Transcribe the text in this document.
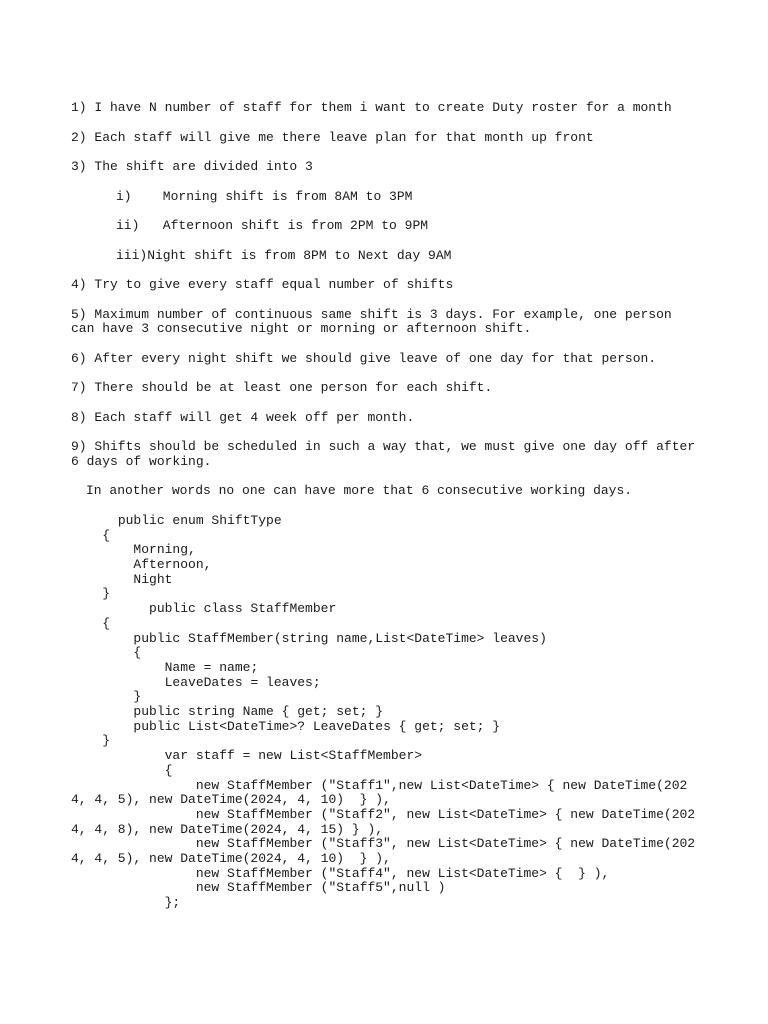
1) I have N number of staff for them i want to create Duty roster for a month

2) Each staff will give me there leave plan for that month up front

3) The shift are divided into 3

i)    Morning shift is from 8AM to 3PM

ii)   Afternoon shift is from 2PM to 9PM

iii)Night shift is from 8PM to Next day 9AM

4) Try to give every staff equal number of shifts

5) Maximum number of continuous same shift is 3 days. For example, one person can have 3 consecutive night or morning or afternoon shift.

6) After every night shift we should give leave of one day for that person.

7) There should be at least one person for each shift.

8) Each staff will get 4 week off per month.

9) Shifts should be scheduled in such a way that, we must give one day off after 6 days of working.

In another words no one can have more that 6 consecutive working days.

public enum ShiftType
{
Morning,
Afternoon,
Night
}
public class StaffMember
{
public StaffMember(string name,List<DateTime> leaves)
{
Name = name;
LeaveDates = leaves;
}
public string Name { get; set; }
public List<DateTime>? LeaveDates { get; set; }
}
var staff = new List<StaffMember>
{
new StaffMember ("Staff1",new List<DateTime> { new DateTime(2024, 4, 5), new DateTime(2024, 4, 10)  } ),
new StaffMember ("Staff2", new List<DateTime> { new DateTime(2024, 4, 8), new DateTime(2024, 4, 15) } ),
new StaffMember ("Staff3", new List<DateTime> { new DateTime(2024, 4, 5), new DateTime(2024, 4, 10)  } ),
new StaffMember ("Staff4", new List<DateTime> {  } ),
new StaffMember ("Staff5",null )
};
